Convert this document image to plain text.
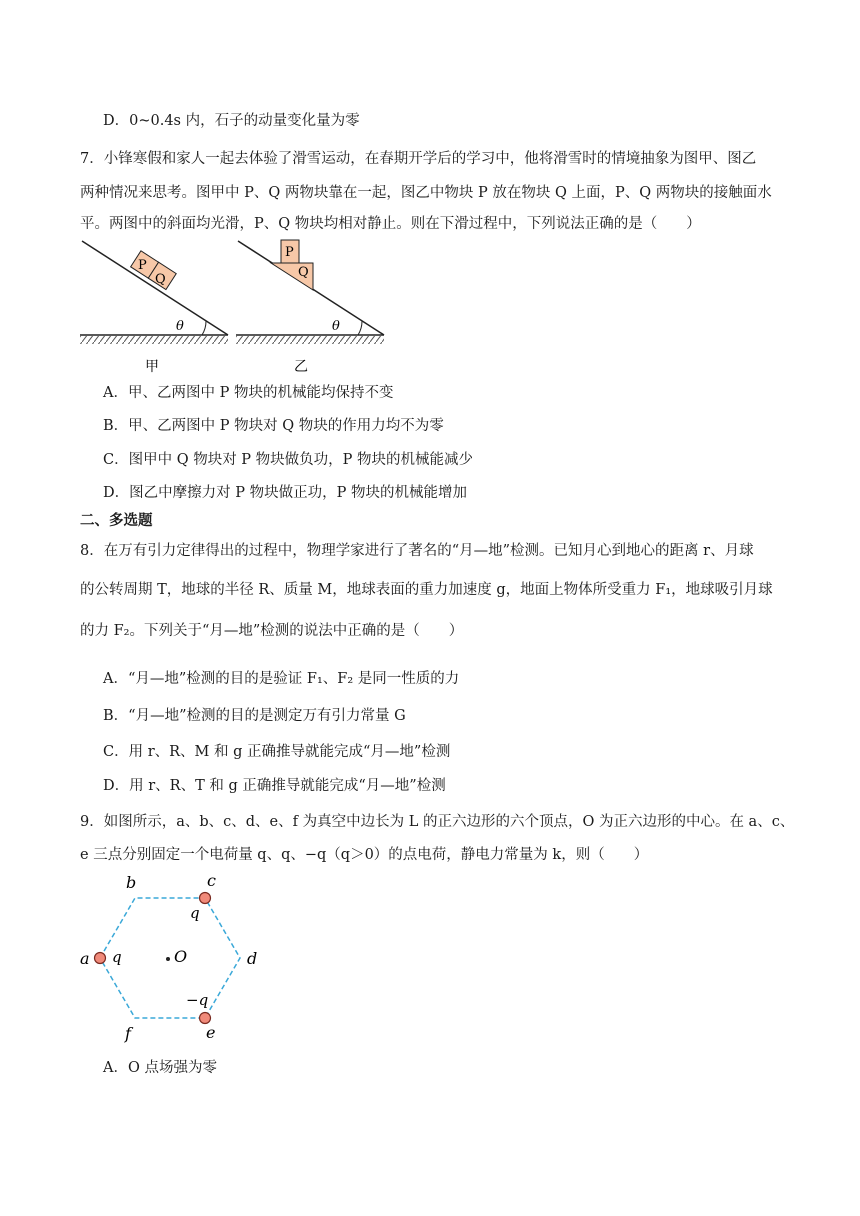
D．0~0.4s 内，石子的动量变化量为零
7．小锋寒假和家人一起去体验了滑雪运动，在春期开学后的学习中，他将滑雪时的情境抽象为图甲、图乙
两种情况来思考。图甲中 P、Q 两物块靠在一起，图乙中物块 P 放在物块 Q 上面，P、Q 两物块的接触面水
平。两图中的斜面均光滑，P、Q 物块均相对静止。则在下滑过程中，下列说法正确的是（　　）
P
Q
θ
甲
P
Q
θ
乙
A．甲、乙两图中 P 物块的机械能均保持不变
B．甲、乙两图中 P 物块对 Q 物块的作用力均不为零
C．图甲中 Q 物块对 P 物块做负功，P 物块的机械能减少
D．图乙中摩擦力对 P 物块做正功，P 物块的机械能增加
二、多选题
8．在万有引力定律得出的过程中，物理学家进行了著名的“月—地”检测。已知月心到地心的距离 r、月球
的公转周期 T，地球的半径 R、质量 M，地球表面的重力加速度 g，地面上物体所受重力 F₁，地球吸引月球
的力 F₂。下列关于“月—地”检测的说法中正确的是（　　）
A．“月—地”检测的目的是验证 F₁、F₂ 是同一性质的力
B．“月—地”检测的目的是测定万有引力常量 G
C．用 r、R、M 和 g 正确推导就能完成“月—地”检测
D．用 r、R、T 和 g 正确推导就能完成“月—地”检测
9．如图所示，a、b、c、d、e、f 为真空中边长为 L 的正六边形的六个顶点，O 为正六边形的中心。在 a、c、
e 三点分别固定一个电荷量 q、q、−q（q＞0）的点电荷，静电力常量为 k，则（　　）
a
b	c
d
e
f
O
q
q
−q
A．O 点场强为零
